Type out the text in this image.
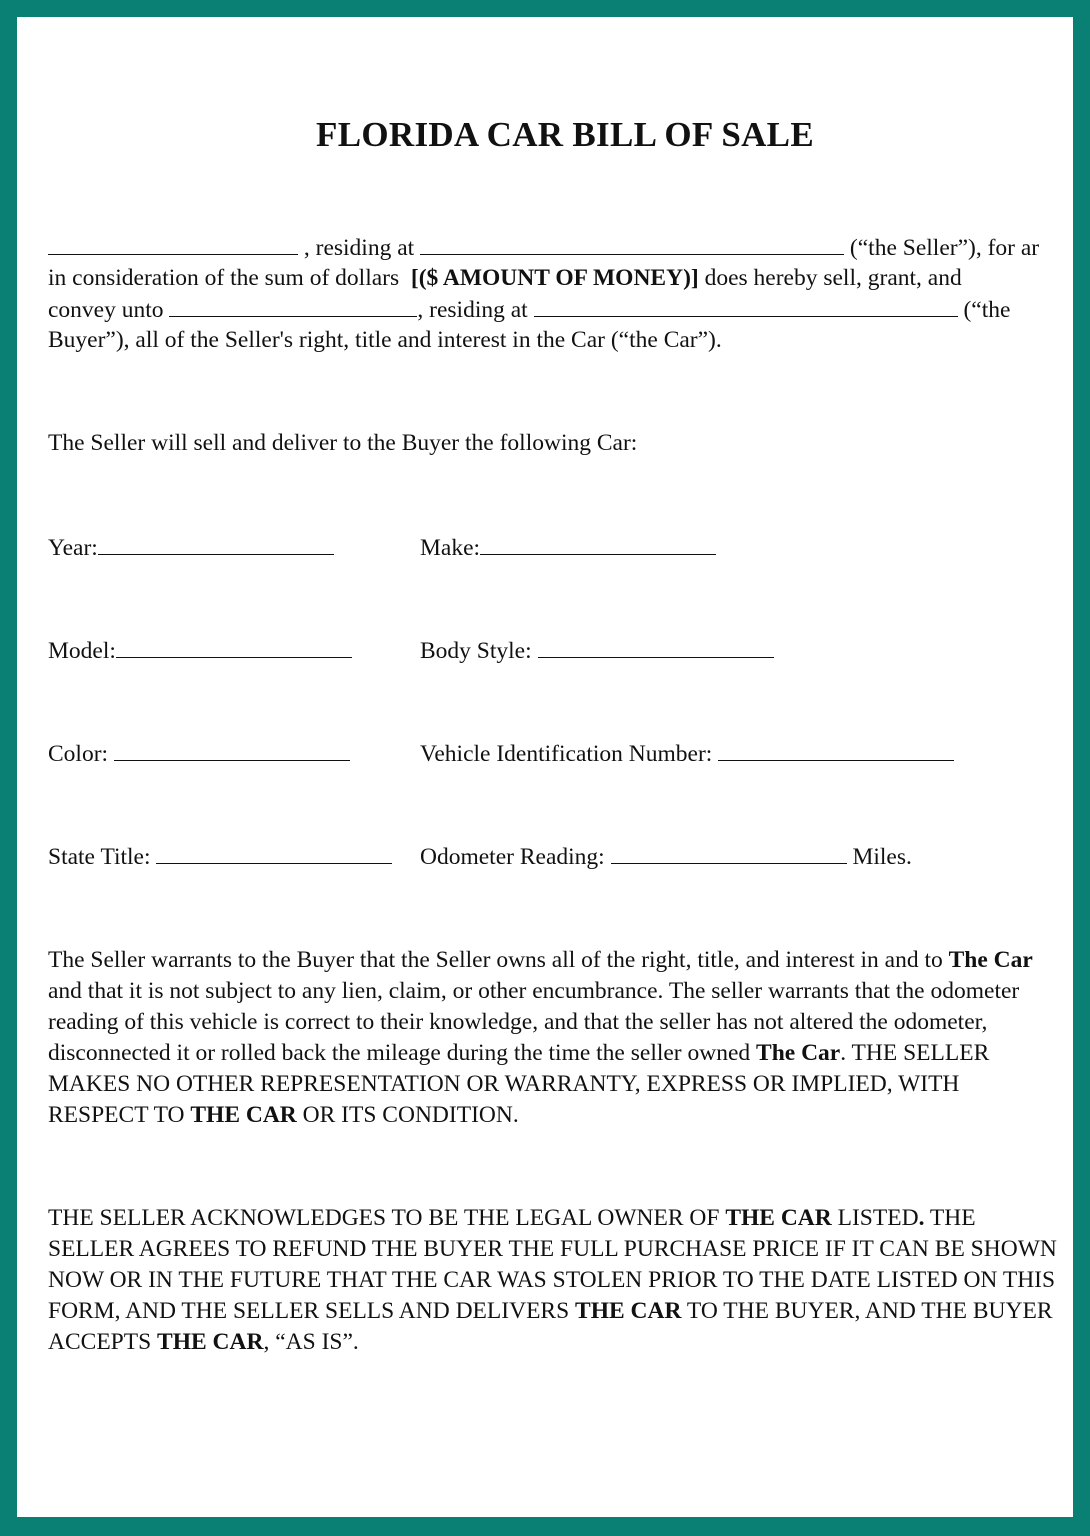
FLORIDA CAR BILL OF SALE
, residing at	(“the Seller”), for ar
in consideration of the sum of dollars [($ AMOUNT OF MONEY)] does hereby sell, grant, and
convey unto	, residing at	(“the
Buyer”), all of the Seller's right, title and interest in the Car (“the Car”).
The Seller will sell and deliver to the Buyer the following Car:
Year:	Make:
Model:	Body Style:
Color:	Vehicle Identification Number:
State Title:	Odometer Reading:	Miles.
The Seller warrants to the Buyer that the Seller owns all of the right, title, and interest in and to The Car and that it is not subject to any lien, claim, or other encumbrance. The seller warrants that the odometer reading of this vehicle is correct to their knowledge, and that the seller has not altered the odometer, disconnected it or rolled back the mileage during the time the seller owned The Car. THE SELLER MAKES NO OTHER REPRESENTATION OR WARRANTY, EXPRESS OR IMPLIED, WITH RESPECT TO THE CAR OR ITS CONDITION.
THE SELLER ACKNOWLEDGES TO BE THE LEGAL OWNER OF THE CAR LISTED. THE SELLER AGREES TO REFUND THE BUYER THE FULL PURCHASE PRICE IF IT CAN BE SHOWN NOW OR IN THE FUTURE THAT THE CAR WAS STOLEN PRIOR TO THE DATE LISTED ON THIS FORM, AND THE SELLER SELLS AND DELIVERS THE CAR TO THE BUYER, AND THE BUYER ACCEPTS THE CAR, “AS IS”.
